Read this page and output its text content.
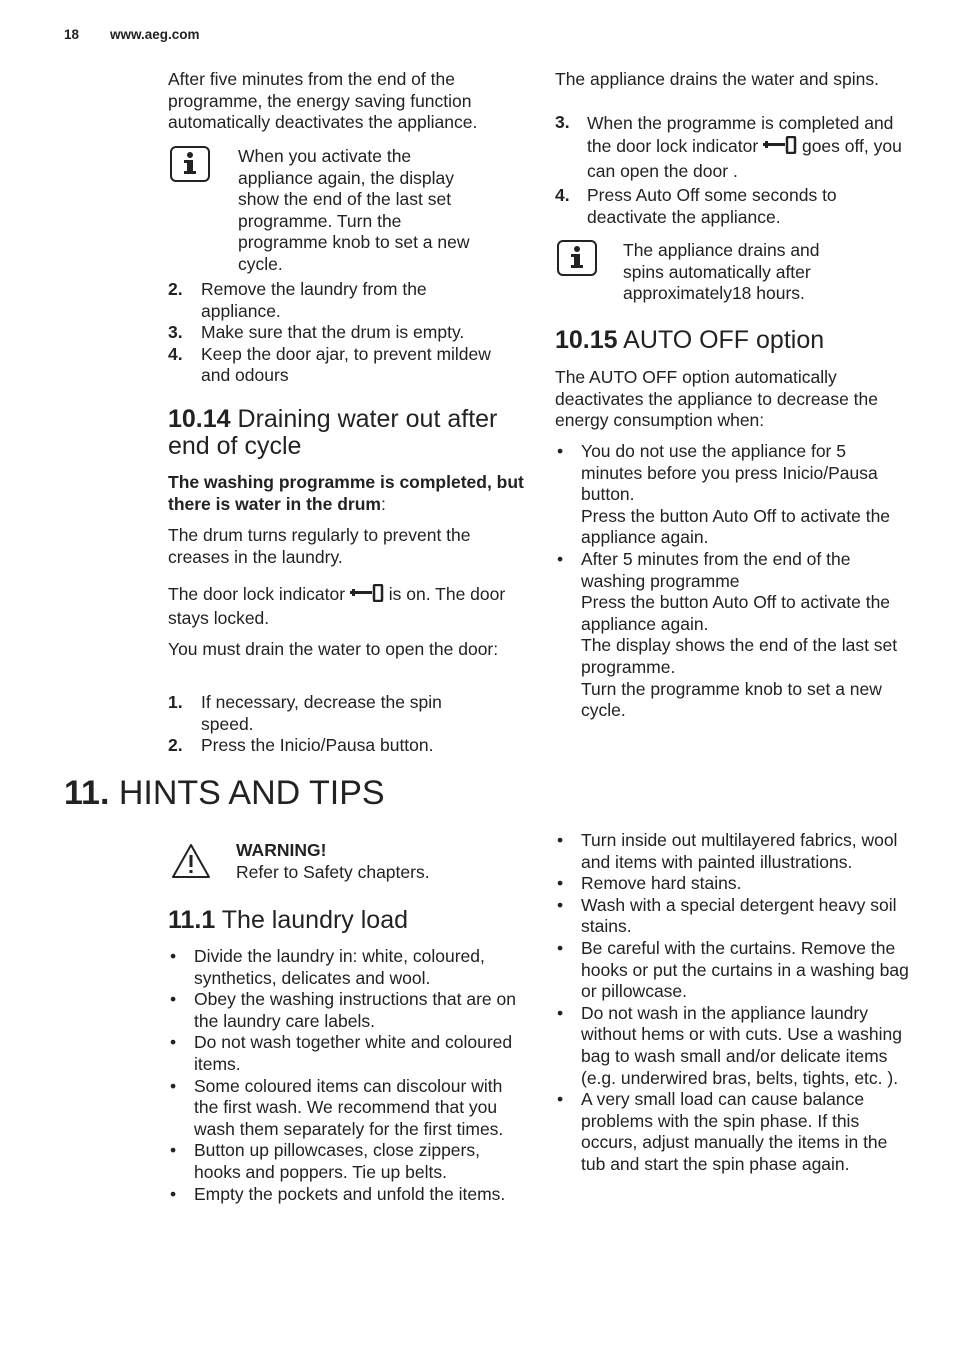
18 www.aeg.com

After five minutes from the end of the programme, the energy saving function automatically deactivates the appliance.

When you activate the appliance again, the display show the end of the last set programme. Turn the programme knob to set a new cycle.

2. Remove the laundry from the appliance.
3. Make sure that the drum is empty.
4. Keep the door ajar, to prevent mildew and odours
10.14 Draining water out after end of cycle

The washing programme is completed, but there is water in the drum:

The drum turns regularly to prevent the creases in the laundry.

The door lock indicator	is on. The door stays locked.

You must drain the water to open the door:

1. If necessary, decrease the spin speed.
2. Press the Inicio/Pausa button.

The appliance drains the water and spins.

3. When the programme is completed and the door lock indicator	goes off, you can open the door .

4. Press Auto Off some seconds to deactivate the appliance.

The appliance drains and spins automatically after approximately18 hours.

10.15 AUTO OFF option

The AUTO OFF option automatically deactivates the appliance to decrease the energy consumption when:

• You do not use the appliance for 5 minutes before you press Inicio/Pausa button.
Press the button Auto Off to activate the appliance again.
• After 5 minutes from the end of the washing programme
Press the button Auto Off to activate the appliance again.
The display shows the end of the last set programme.
Turn the programme knob to set a new cycle.
11. HINTS AND TIPS

WARNING!

Refer to Safety chapters.

11.1 The laundry load
• Divide the laundry in: white, coloured, synthetics, delicates and wool.
• Obey the washing instructions that are on the laundry care labels.
• Do not wash together white and coloured items.
• Some coloured items can discolour with the first wash. We recommend that you wash them separately for the first times.
• Button up pillowcases, close zippers, hooks and poppers. Tie up belts.
• Empty the pockets and unfold the items.
• Turn inside out multilayered fabrics, wool and items with painted illustrations.
• Remove hard stains.
• Wash with a special detergent heavy soil stains.
• Be careful with the curtains. Remove the hooks or put the curtains in a washing bag or pillowcase.
• Do not wash in the appliance laundry without hems or with cuts. Use a washing bag to wash small and/or delicate items (e.g. underwired bras, belts, tights, etc. ).
• A very small load can cause balance problems with the spin phase. If this occurs, adjust manually the items in the tub and start the spin phase again.
